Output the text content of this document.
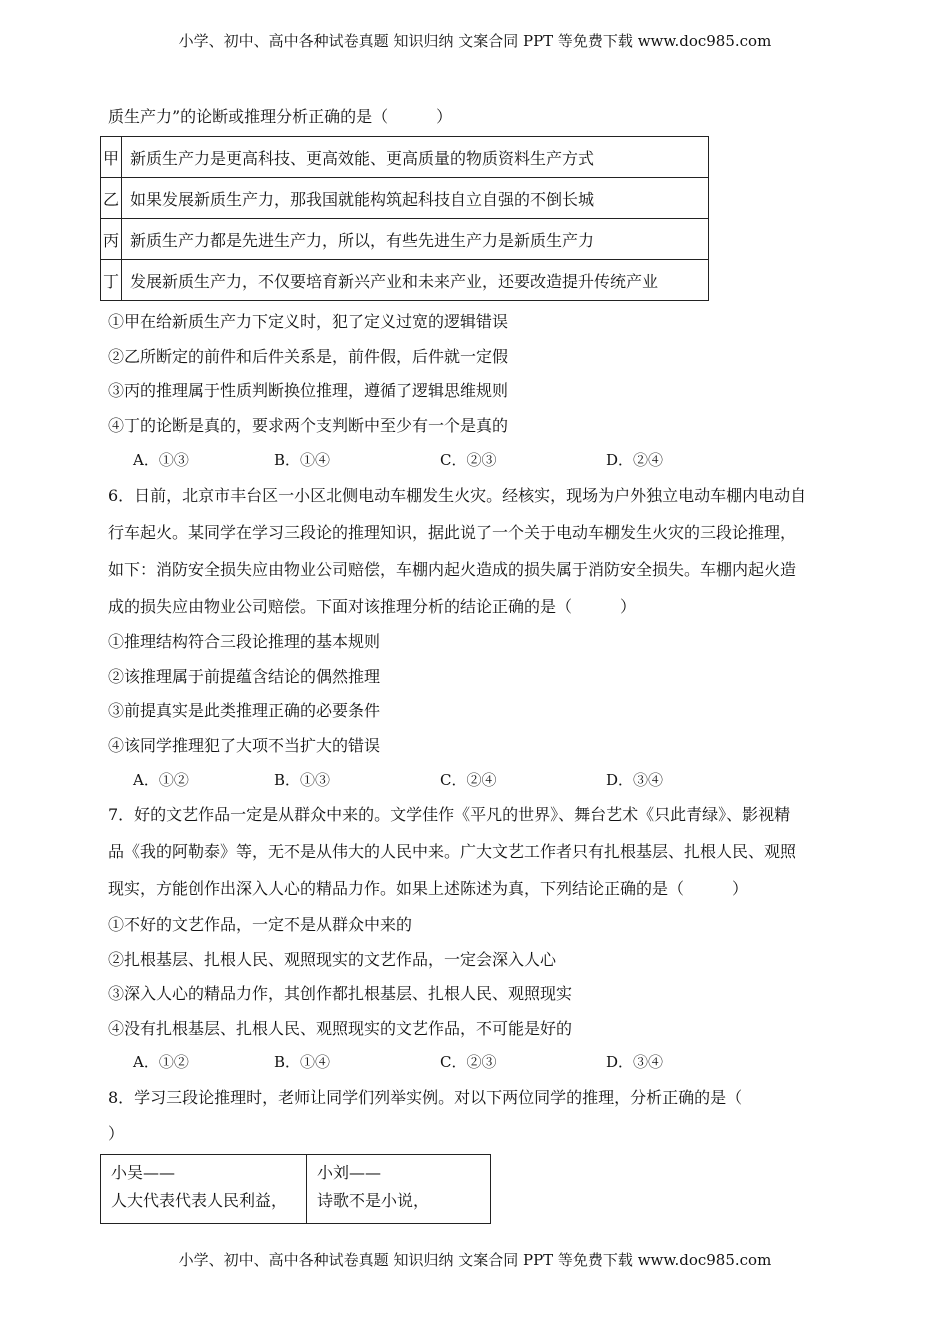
小学、初中、高中各种试卷真题 知识归纳 文案合同 PPT 等免费下载 www.doc985.com
质生产力”的论断或推理分析正确的是（　　　）
甲	新质生产力是更高科技、更高效能、更高质量的物质资料生产方式
乙	如果发展新质生产力，那我国就能构筑起科技自立自强的不倒长城
丙	新质生产力都是先进生产力，所以，有些先进生产力是新质生产力
丁	发展新质生产力，不仅要培育新兴产业和未来产业，还要改造提升传统产业
①甲在给新质生产力下定义时，犯了定义过宽的逻辑错误
②乙所断定的前件和后件关系是，前件假，后件就一定假
③丙的推理属于性质判断换位推理，遵循了逻辑思维规则
④丁的论断是真的，要求两个支判断中至少有一个是真的
A．①③	B．①④	C．②③	D．②④
6．日前，北京市丰台区一小区北侧电动车棚发生火灾。经核实，现场为户外独立电动车棚内电动自
行车起火。某同学在学习三段论的推理知识，据此说了一个关于电动车棚发生火灾的三段论推理，
如下：消防安全损失应由物业公司赔偿，车棚内起火造成的损失属于消防安全损失。车棚内起火造
成的损失应由物业公司赔偿。下面对该推理分析的结论正确的是（　　　）
①推理结构符合三段论推理的基本规则
②该推理属于前提蕴含结论的偶然推理
③前提真实是此类推理正确的必要条件
④该同学推理犯了大项不当扩大的错误
A．①②	B．①③	C．②④	D．③④
7．好的文艺作品一定是从群众中来的。文学佳作《平凡的世界》、舞台艺术《只此青绿》、影视精
品《我的阿勒泰》等，无不是从伟大的人民中来。广大文艺工作者只有扎根基层、扎根人民、观照
现实，方能创作出深入人心的精品力作。如果上述陈述为真，下列结论正确的是（　　　）
①不好的文艺作品，一定不是从群众中来的
②扎根基层、扎根人民、观照现实的文艺作品，一定会深入人心
③深入人心的精品力作，其创作都扎根基层、扎根人民、观照现实
④没有扎根基层、扎根人民、观照现实的文艺作品，不可能是好的
A．①②	B．①④	C．②③	D．③④
8．学习三段论推理时，老师让同学们列举实例。对以下两位同学的推理，分析正确的是（
）
小吴——
人大代表代表人民利益，

小刘——
诗歌不是小说，
小学、初中、高中各种试卷真题 知识归纳 文案合同 PPT 等免费下载 www.doc985.com
